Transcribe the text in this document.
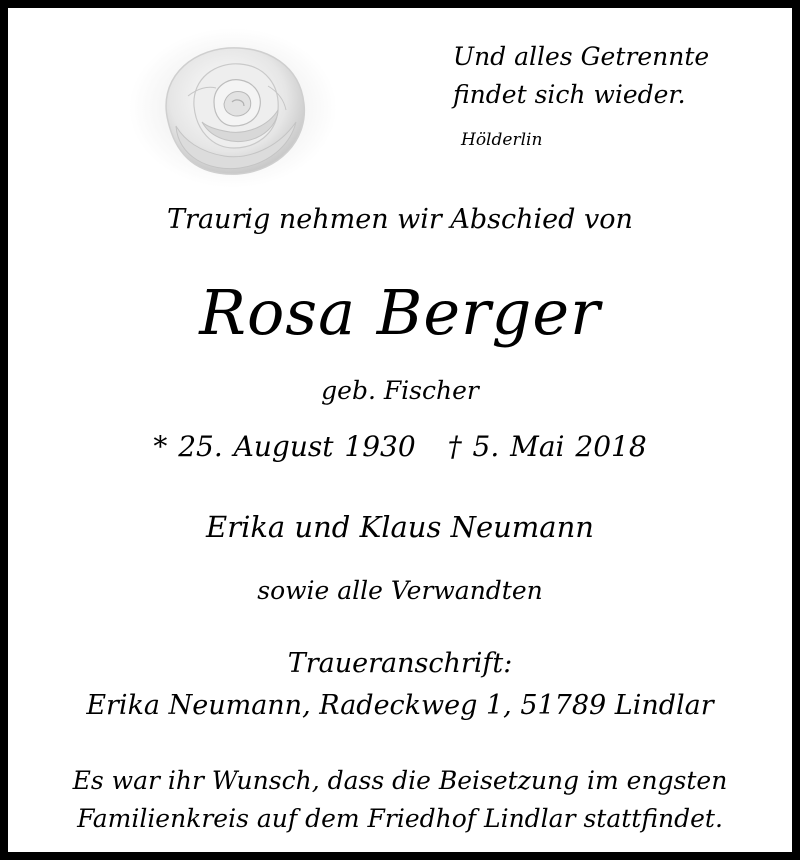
Und alles Getrennte
findet sich wieder.
Hölderlin
Traurig nehmen wir Abschied von
Rosa Berger
geb. Fischer
* 25. August 1930 † 5. Mai 2018
Erika und Klaus Neumann
sowie alle Verwandten
Traueranschrift:
Erika Neumann, Radeckweg 1, 51789 Lindlar
Es war ihr Wunsch, dass die Beisetzung im engsten
Familienkreis auf dem Friedhof Lindlar stattfindet.
